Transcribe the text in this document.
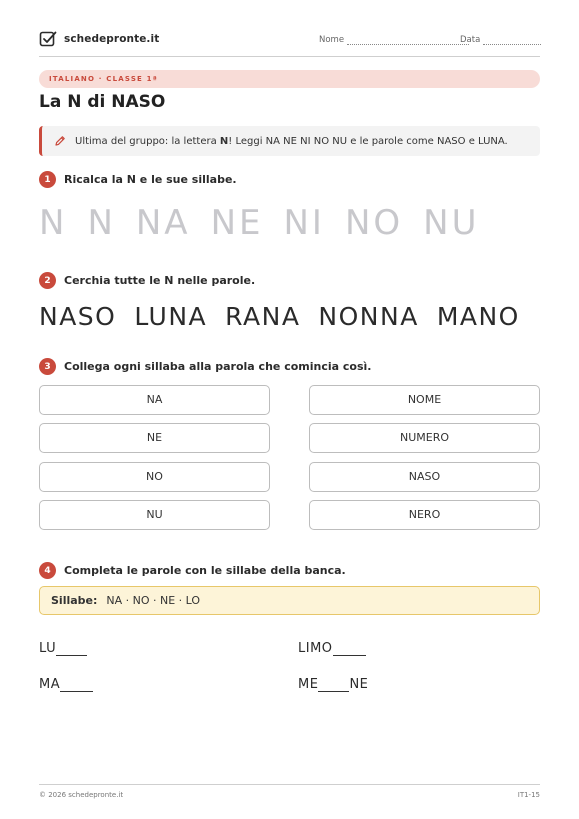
schedepronte.it	Nome	Data
ITALIANO · CLASSE 1ª
La N di NASO
Ultima del gruppo: la lettera N! Leggi NA NE NI NO NU e le parole come NASO e LUNA.
1	Ricalca la N e le sue sillabe.
N N NA NE NI NO NU
2	Cerchia tutte le N nelle parole.
NASO LUNA RANA NONNA MANO
3	Collega ogni sillaba alla parola che comincia così.
NA
NE
NO
NU
NOME
NUMERO
NASO
NERO
4	Completa le parole con le sillabe della banca.
Sillabe: NA · NO · NE · LO
LU	LIMO
MA	ME NE
© 2026 schedepronte.it	IT1-15
